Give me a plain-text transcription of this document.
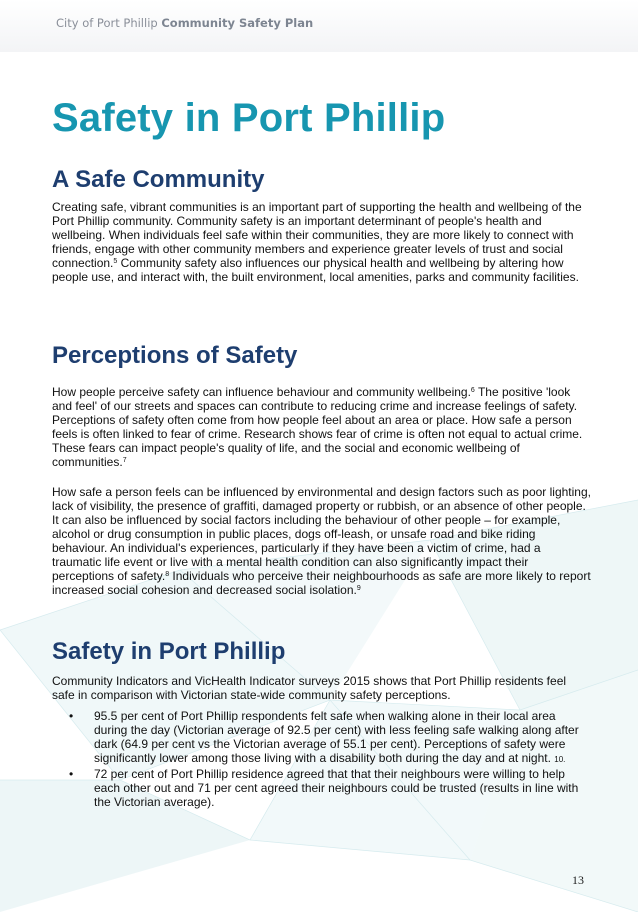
City of Port Phillip Community Safety Plan
Safety in Port Phillip
A Safe Community

Creating safe, vibrant communities is an important part of supporting the health and wellbeing of the Port Phillip community. Community safety is an important determinant of people's health and wellbeing. When individuals feel safe within their communities, they are more likely to connect with friends, engage with other community members and experience greater levels of trust and social connection.$^5$ Community safety also influences our physical health and wellbeing by altering how people use, and interact with, the built environment, local amenities, parks and community facilities.

Perceptions of Safety

How people perceive safety can influence behaviour and community wellbeing.$^6$ The positive 'look and feel' of our streets and spaces can contribute to reducing crime and increase feelings of safety. Perceptions of safety often come from how people feel about an area or place. How safe a person feels is often linked to fear of crime. Research shows fear of crime is often not equal to actual crime. These fears can impact people's quality of life, and the social and economic wellbeing of communities.$^7$

How safe a person feels can be influenced by environmental and design factors such as poor lighting, lack of visibility, the presence of graffiti, damaged property or rubbish, or an absence of other people. It can also be influenced by social factors including the behaviour of other people – for example, alcohol or drug consumption in public places, dogs off-leash, or unsafe road and bike riding behaviour. An individual's experiences, particularly if they have been a victim of crime, had a traumatic life event or live with a mental health condition can also significantly impact their perceptions of safety.$^8$ Individuals who perceive their neighbourhoods as safe are more likely to report increased social cohesion and decreased social isolation.$^9$

Safety in Port Phillip

Community Indicators and VicHealth Indicator surveys 2015 shows that Port Phillip residents feel safe in comparison with Victorian state-wide community safety perceptions.

• 95.5 per cent of Port Phillip respondents felt safe when walking alone in their local area during the day (Victorian average of 92.5 per cent) with less feeling safe walking along after dark (64.9 per cent vs the Victorian average of 55.1 per cent). Perceptions of safety were significantly lower among those living with a disability both during the day and at night. 10.
• 72 per cent of Port Phillip residence agreed that that their neighbours were willing to help each other out and 71 per cent agreed their neighbours could be trusted (results in line with the Victorian average).
13
